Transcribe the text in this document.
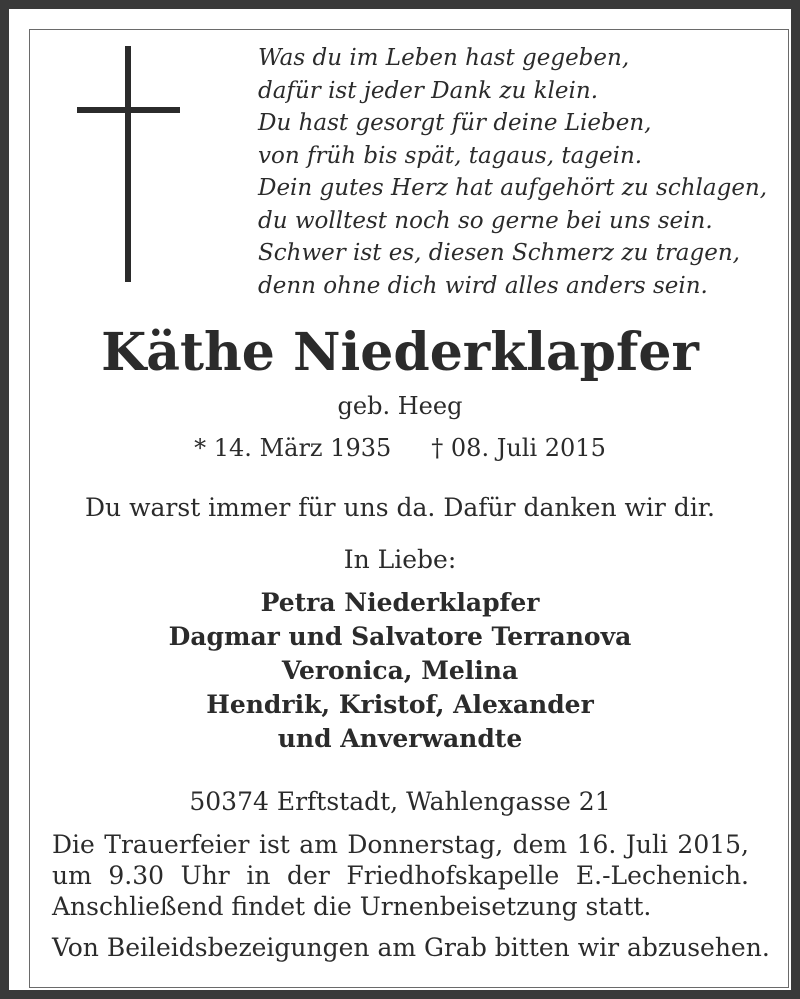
Was du im Leben hast gegeben,
dafür ist jeder Dank zu klein.
Du hast gesorgt für deine Lieben,
von früh bis spät, tagaus, tagein.
Dein gutes Herz hat aufgehört zu schlagen,
du wolltest noch so gerne bei uns sein.
Schwer ist es, diesen Schmerz zu tragen,
denn ohne dich wird alles anders sein.
Käthe Niederklapfer
geb. Heeg
* 14. März 1935 † 08. Juli 2015
Du warst immer für uns da. Dafür danken wir dir.
In Liebe:
Petra Niederklapfer
Dagmar und Salvatore Terranova
Veronica, Melina
Hendrik, Kristof, Alexander
und Anverwandte
50374 Erftstadt, Wahlengasse 21
Die Trauerfeier ist am Donnerstag, dem 16. Juli 2015,
um 9.30 Uhr in der Friedhofskapelle E.-Lechenich.
Anschließend findet die Urnenbeisetzung statt.
Von Beileidsbezeigungen am Grab bitten wir abzusehen.
